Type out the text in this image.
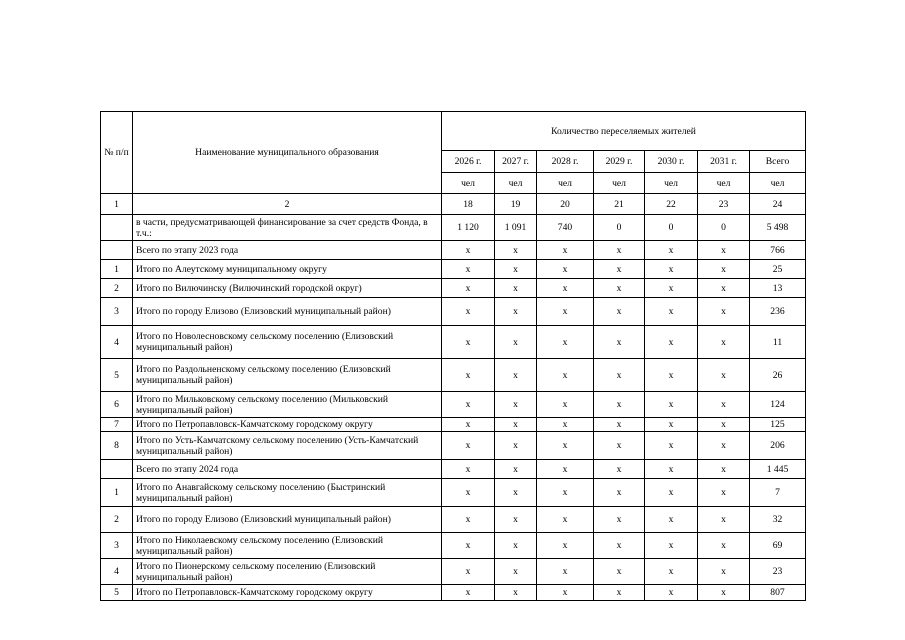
№ п/п	Наименование муниципального образования	Количество переселяемых жителей						
		2026 г.	2027 г.	2028 г.	2029 г.	2030 г.	2031 г.	Всего
		чел	чел	чел	чел	чел	чел	чел
1	2	18	19	20	21	22	23	24
	в части, предусматривающей финансирование за счет средств Фонда, в т.ч.:	1 120	1 091	740	0	0	0	5 498
	Всего по этапу 2023 года	х	х	х	х	х	х	766
1	Итого по Алеутскому муниципальному округу	х	х	х	х	х	х	25
2	Итого по Вилючинску (Вилючинский городской округ)	х	х	х	х	х	х	13
3	Итого по городу Елизово (Елизовский муниципальный район)	х	х	х	х	х	х	236
4	Итого по Новолесновскому сельскому поселению (Елизовский муниципальный район)	х	х	х	х	х	х	11
5	Итого по Раздольненскому сельскому поселению (Елизовский муниципальный район)	х	х	х	х	х	х	26
6	Итого по Мильковскому сельскому поселению (Мильковский муниципальный район)	х	х	х	х	х	х	124
7	Итого по Петропавловск-Камчатскому городскому округу	х	х	х	х	х	х	125
8	Итого по Усть-Камчатскому сельскому поселению (Усть-Камчатский муниципальный район)	х	х	х	х	х	х	206
	Всего по этапу 2024 года	х	х	х	х	х	х	1 445
1	Итого по Анавгайскому сельскому поселению (Быстринский муниципальный район)	х	х	х	х	х	х	7
2	Итого по городу Елизово (Елизовский муниципальный район)	х	х	х	х	х	х	32
3	Итого по Николаевскому сельскому поселению (Елизовский муниципальный район)	х	х	х	х	х	х	69
4	Итого по Пионерскому сельскому поселению (Елизовский муниципальный район)	х	х	х	х	х	х	23
5	Итого по Петропавловск-Камчатскому городскому округу	х	х	х	х	х	х	807
